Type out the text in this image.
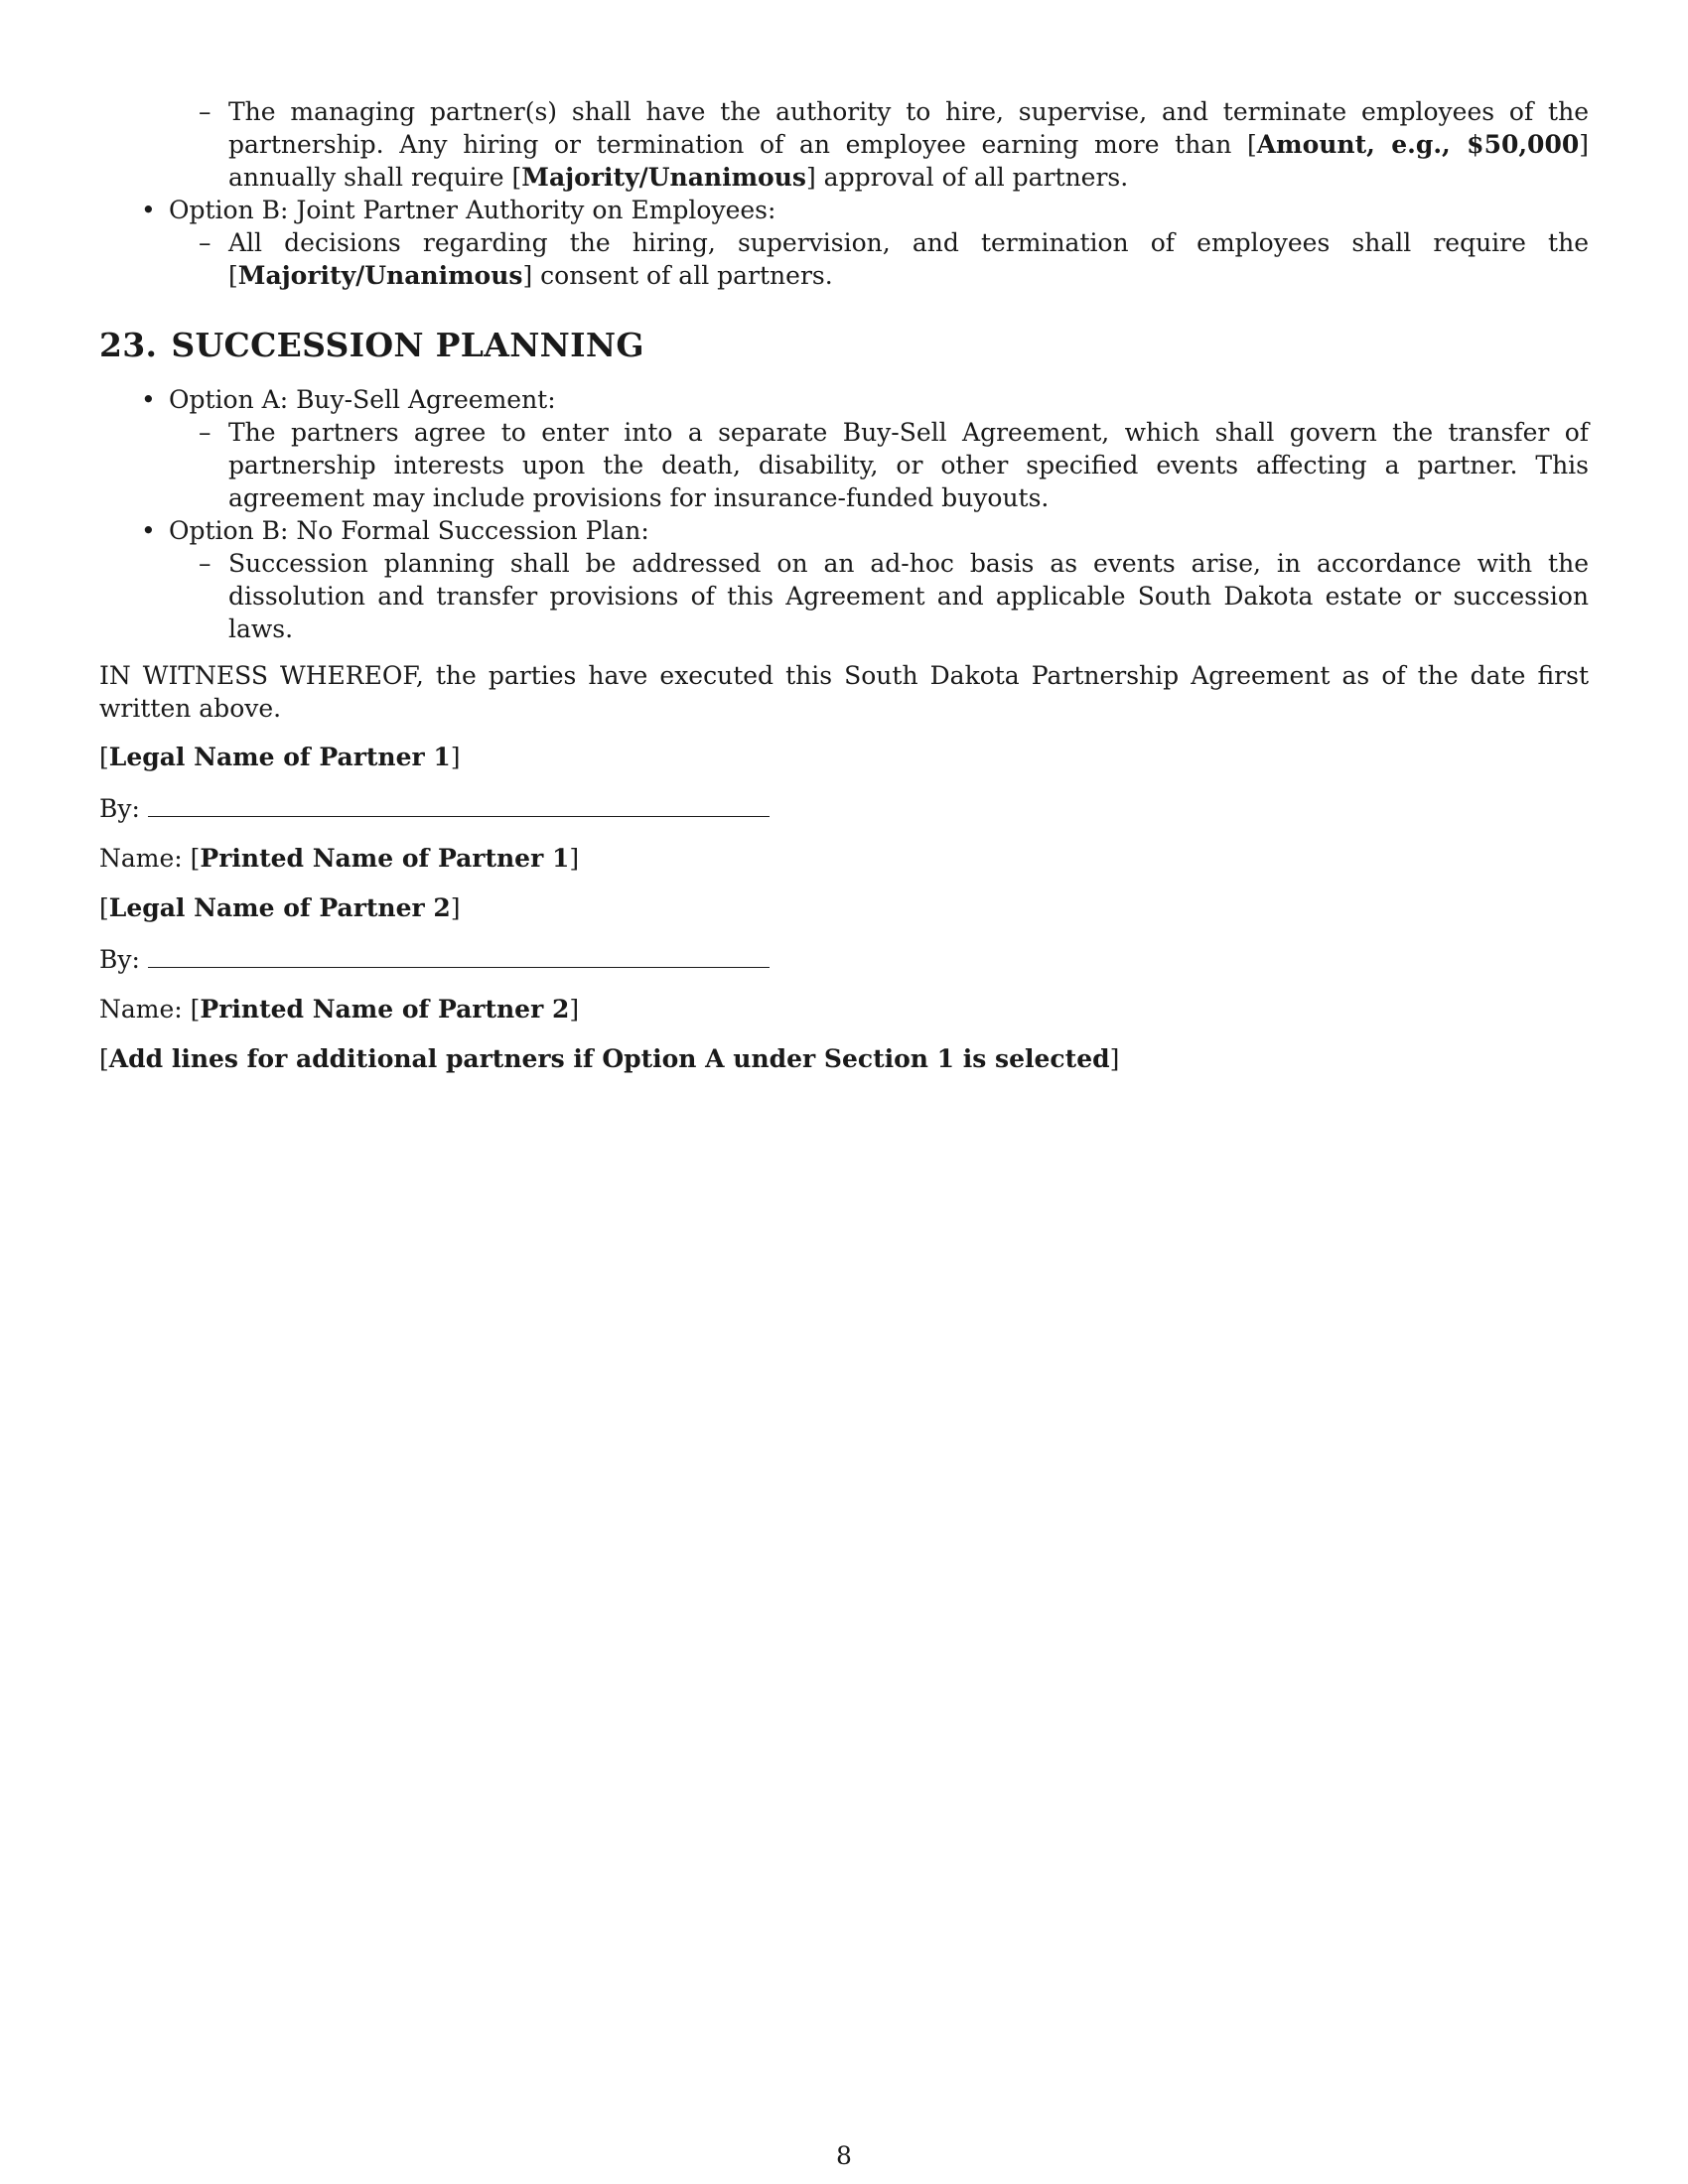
– The managing partner(s) shall have the authority to hire, supervise, and terminate employees of the partnership. Any hiring or termination of an employee earning more than [Amount, e.g., $50,000] annually shall require [Majority/Unanimous] approval of all partners.
• Option B: Joint Partner Authority on Employees:
– All decisions regarding the hiring, supervision, and termination of employees shall require the [Majority/Unanimous] consent of all partners.
23. SUCCESSION PLANNING
• Option A: Buy-Sell Agreement:
– The partners agree to enter into a separate Buy-Sell Agreement, which shall govern the transfer of partnership interests upon the death, disability, or other specified events affecting a partner. This agreement may include provisions for insurance-funded buyouts.
• Option B: No Formal Succession Plan:
– Succession planning shall be addressed on an ad-hoc basis as events arise, in accordance with the dissolution and transfer provisions of this Agreement and applicable South Dakota estate or succession laws.

IN WITNESS WHEREOF, the parties have executed this South Dakota Partnership Agreement as of the date first written above.

[Legal Name of Partner 1]

By:

Name: [Printed Name of Partner 1]

[Legal Name of Partner 2]

By:

Name: [Printed Name of Partner 2]

[Add lines for additional partners if Option A under Section 1 is selected]

8
